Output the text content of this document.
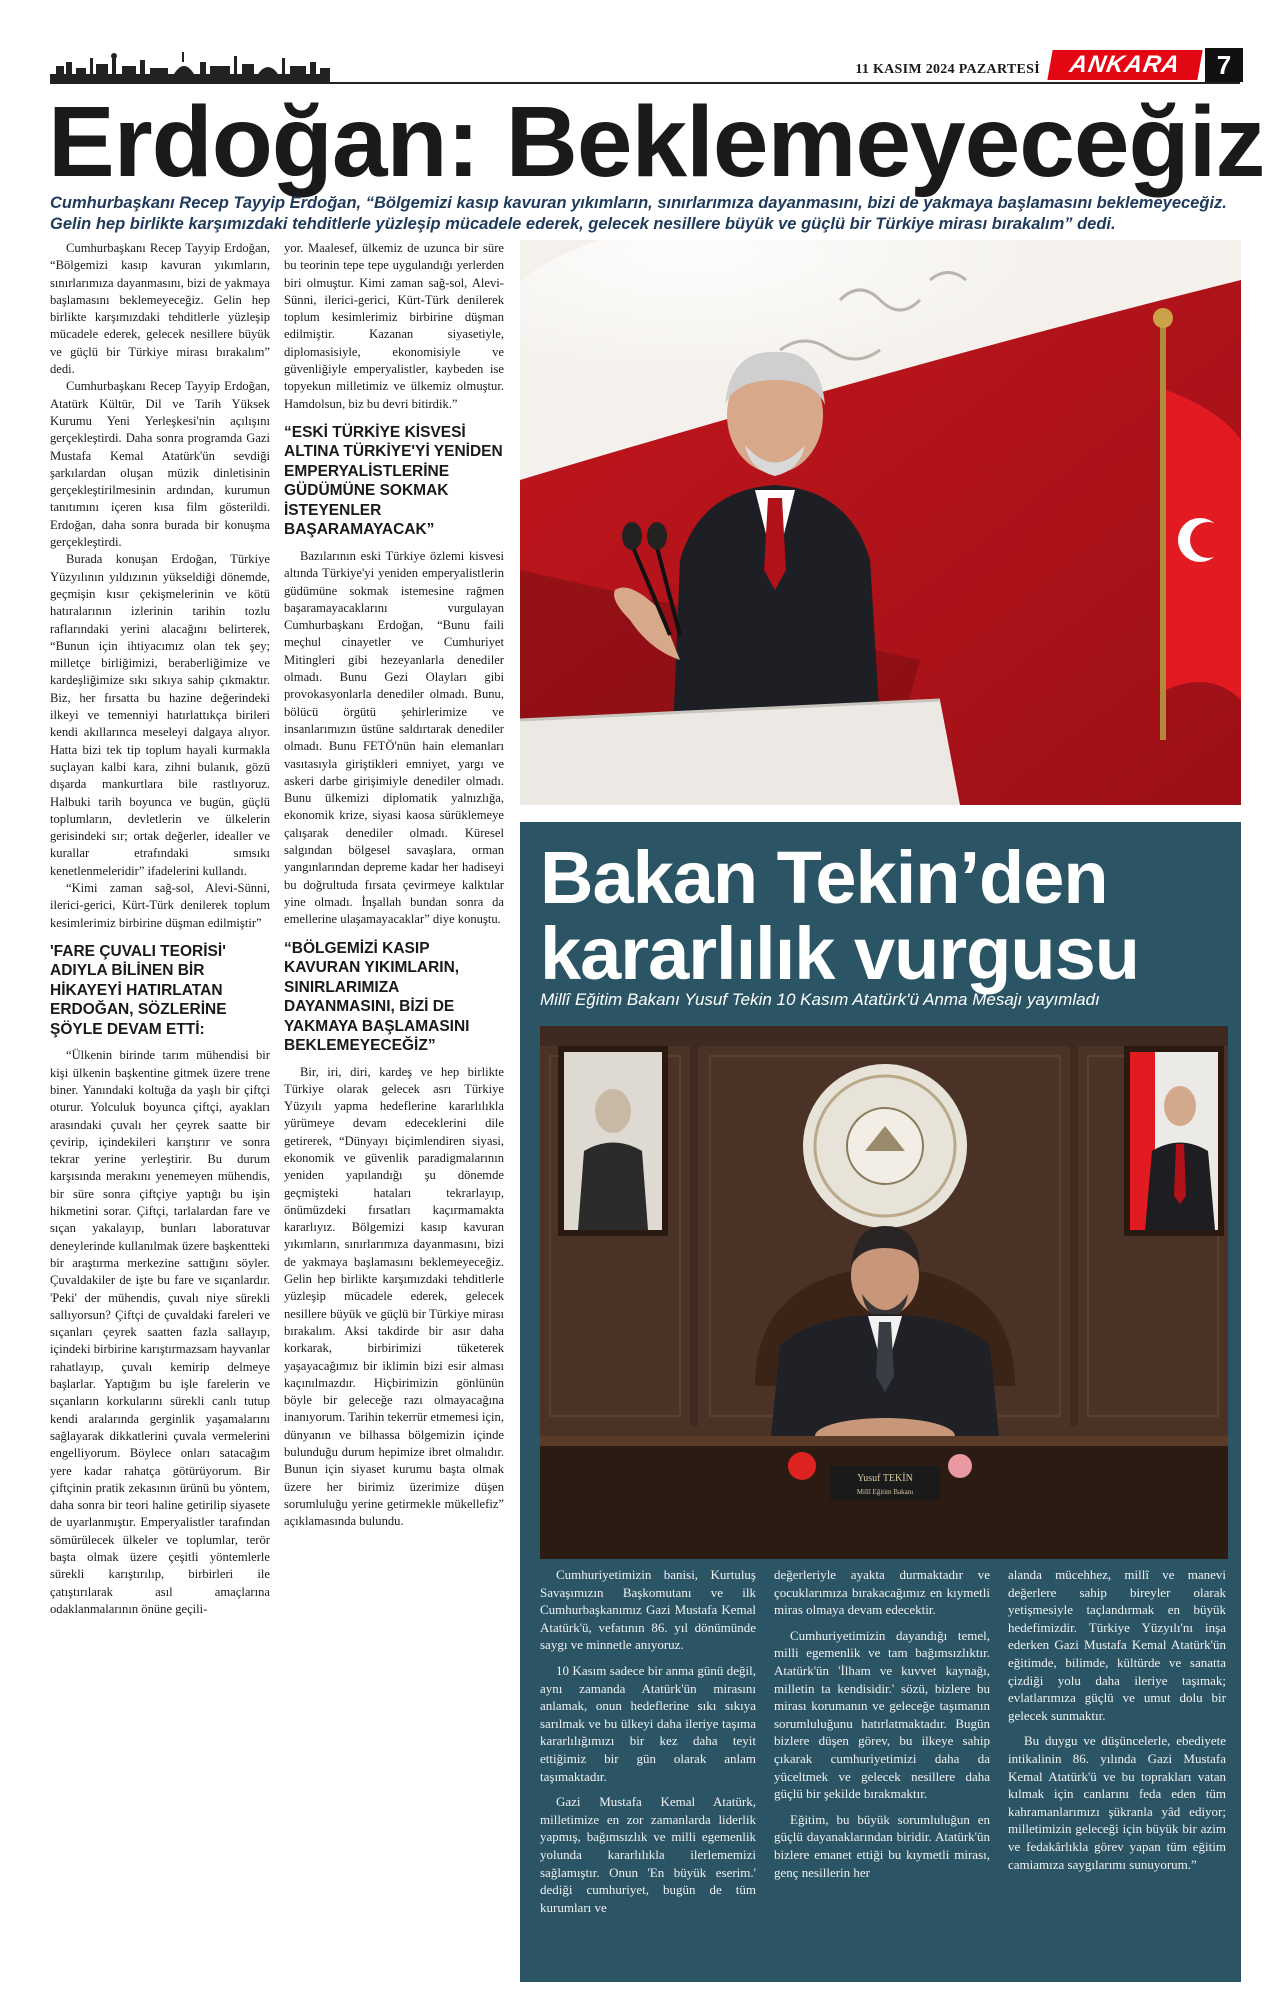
11 KASIM 2024 PAZARTESİ ANKARA	7
Erdoğan: Beklemeyeceğiz
Cumhurbaşkanı Recep Tayyip Erdoğan, “Bölgemizi kasıp kavuran yıkımların, sınırlarımıza dayanmasını, bizi de yakmaya başlamasını beklemeyeceğiz. Gelin hep birlikte karşımızdaki tehditlerle yüzleşip mücadele ederek, gelecek nesillere büyük ve güçlü bir Türkiye mirası bırakalım” dedi.

Cumhurbaşkanı Recep Tayyip Erdoğan, “Bölgemizi kasıp kavuran yıkımların, sınırlarımıza dayanmasını, bizi de yakmaya başlamasını beklemeyeceğiz. Gelin hep birlikte karşımızdaki tehditlerle yüzleşip mücadele ederek, gelecek nesillere büyük ve güçlü bir Türkiye mirası bırakalım” dedi.

Cumhurbaşkanı Recep Tayyip Erdoğan, Atatürk Kültür, Dil ve Tarih Yüksek Kurumu Yeni Yerleşkesi'nin açılışını gerçekleştirdi. Daha sonra programda Gazi Mustafa Kemal Atatürk'ün sevdiği şarkılardan oluşan müzik dinletisinin gerçekleştirilmesinin ardından, kurumun tanıtımını içeren kısa film gösterildi. Erdoğan, daha sonra burada bir konuşma gerçekleştirdi.

Burada konuşan Erdoğan, Türkiye Yüzyılının yıldızının yükseldiği dönemde, geçmişin kısır çekişmelerinin ve kötü hatıralarının izlerinin tarihin tozlu raflarındaki yerini alacağını belirterek, “Bunun için ihtiyacımız olan tek şey; milletçe birliğimizi, beraberliğimize ve kardeşliğimize sıkı sıkıya sahip çıkmaktır. Biz, her fırsatta bu hazine değerindeki ilkeyi ve temenniyi hatırlattıkça birileri kendi akıllarınca meseleyi dalgaya alıyor. Hatta bizi tek tip toplum hayali kurmakla suçlayan kalbi kara, zihni bulanık, gözü dışarda mankurtlara bile rastlıyoruz. Halbuki tarih boyunca ve bugün, güçlü toplumların, devletlerin ve ülkelerin gerisindeki sır; ortak değerler, idealler ve kurallar etrafındaki sımsıkı kenetlenmeleridir” ifadelerini kullandı.

“Kimi zaman sağ-sol, Alevi-Sünni, ilerici-gerici, Kürt-Türk denilerek toplum kesimlerimiz birbirine düşman edilmiştir”

'FARE ÇUVALI TEORİSİ' ADIYLA BİLİNEN BİR HİKAYEYİ HATIRLATAN ERDOĞAN, SÖZLERİNE ŞÖYLE DEVAM ETTİ:

“Ülkenin birinde tarım mühendisi bir kişi ülkenin başkentine gitmek üzere trene biner. Yanındaki koltuğa da yaşlı bir çiftçi oturur. Yolculuk boyunca çiftçi, ayakları arasındaki çuvalı her çeyrek saatte bir çevirip, içindekileri karıştırır ve sonra tekrar yerine yerleştirir. Bu durum karşısında merakını yenemeyen mühendis, bir süre sonra çiftçiye yaptığı bu işin hikmetini sorar. Çiftçi, tarlalardan fare ve sıçan yakalayıp, bunları laboratuvar deneylerinde kullanılmak üzere başkentteki bir araştırma merkezine sattığını söyler. Çuvaldakiler de işte bu fare ve sıçanlardır. 'Peki' der mühendis, çuvalı niye sürekli sallıyorsun? Çiftçi de çuvaldaki fareleri ve sıçanları çeyrek saatten fazla sallayıp, içindeki birbirine karıştırmazsam hayvanlar rahatlayıp, çuvalı kemirip delmeye başlarlar. Yaptığım bu işle farelerin ve sıçanların korkularını sürekli canlı tutup kendi aralarında gerginlik yaşamalarını sağlayarak dikkatlerini çuvala vermelerini engelliyorum. Böylece onları satacağım yere kadar rahatça götürüyorum. Bir çiftçinin pratik zekasının ürünü bu yöntem, daha sonra bir teori haline getirilip siyasete de uyarlanmıştır. Emperyalistler tarafından sömürülecek ülkeler ve toplumlar, terör başta olmak üzere çeşitli yöntemlerle sürekli karıştırılıp, birbirleri ile çatıştırılarak asıl amaçlarına odaklanmalarının önüne geçili-

yor. Maalesef, ülkemiz de uzunca bir süre bu teorinin tepe tepe uygulandığı yerlerden biri olmuştur. Kimi zaman sağ-sol, Alevi-Sünni, ilerici-gerici, Kürt-Türk denilerek toplum kesimlerimiz birbirine düşman edilmiştir. Kazanan siyasetiyle, diplomasisiyle, ekonomisiyle ve güvenliğiyle emperyalistler, kaybeden ise topyekun milletimiz ve ülkemiz olmuştur. Hamdolsun, biz bu devri bitirdik.”

“ESKİ TÜRKİYE KİSVESİ ALTINA TÜRKİYE'Yİ YENİDEN EMPERYALİSTLERİNE GÜDÜMÜNE SOKMAK İSTEYENLER BAŞARAMAYACAK”

Bazılarının eski Türkiye özlemi kisvesi altında Türkiye'yi yeniden emperyalistlerin güdümüne sokmak istemesine rağmen başaramayacaklarını vurgulayan Cumhurbaşkanı Erdoğan, “Bunu faili meçhul cinayetler ve Cumhuriyet Mitingleri gibi hezeyanlarla denediler olmadı. Bunu Gezi Olayları gibi provokasyonlarla denediler olmadı. Bunu, bölücü örgütü şehirlerimize ve insanlarımızın üstüne saldırtarak denediler olmadı. Bunu FETÖ'nün hain elemanları vasıtasıyla giriştikleri emniyet, yargı ve askeri darbe girişimiyle denediler olmadı. Bunu ülkemizi diplomatik yalnızlığa, ekonomik krize, siyasi kaosa sürüklemeye çalışarak denediler olmadı. Küresel salgından bölgesel savaşlara, orman yangınlarından depreme kadar her hadiseyi bu doğrultuda fırsata çevirmeye kalktılar yine olmadı. İnşallah bundan sonra da emellerine ulaşamayacaklar” diye konuştu.

“BÖLGEMİZİ KASIP KAVURAN YIKIMLARIN, SINIRLARIMIZA DAYANMASINI, BİZİ DE YAKMAYA BAŞLAMASINI BEKLEMEYECEĞİZ”

Bir, iri, diri, kardeş ve hep birlikte Türkiye olarak gelecek asrı Türkiye Yüzyılı yapma hedeflerine kararlılıkla yürümeye devam edeceklerini dile getirerek, “Dünyayı biçimlendiren siyasi, ekonomik ve güvenlik paradigmalarının yeniden yapılandığı şu dönemde geçmişteki hataları tekrarlayıp, önümüzdeki fırsatları kaçırmamakta kararlıyız. Bölgemizi kasıp kavuran yıkımların, sınırlarımıza dayanmasını, bizi de yakmaya başlamasını beklemeyeceğiz. Gelin hep birlikte karşımızdaki tehditlerle yüzleşip mücadele ederek, gelecek nesillere büyük ve güçlü bir Türkiye mirası bırakalım. Aksi takdirde bir asır daha korkarak, birbirimizi tüketerek yaşayacağımız bir iklimin bizi esir alması kaçınılmazdır. Hiçbirimizin gönlünün böyle bir geleceğe razı olmayacağına inanıyorum. Tarihin tekerrür etmemesi için, dünyanın ve bilhassa bölgemizin içinde bulunduğu durum hepimize ibret olmalıdır. Bunun için siyaset kurumu başta olmak üzere her birimiz üzerimize düşen sorumluluğu yerine getirmekle mükellefiz” açıklamasında bulundu.

Bakan Tekin’den
kararlılık vurgusu
Millî Eğitim Bakanı Yusuf Tekin 10 Kasım Atatürk'ü Anma Mesajı yayımladı
Yusuf TEKİN
Millî Eğitim Bakanı

Cumhuriyetimizin banisi, Kurtuluş Savaşımızın Başkomutanı ve ilk Cumhurbaşkanımız Gazi Mustafa Kemal Atatürk'ü, vefatının 86. yıl dönümünde saygı ve minnetle anıyoruz.

10 Kasım sadece bir anma günü değil, aynı zamanda Atatürk'ün mirasını anlamak, onun hedeflerine sıkı sıkıya sarılmak ve bu ülkeyi daha ileriye taşıma kararlılığımızı bir kez daha teyit ettiğimiz bir gün olarak anlam taşımaktadır.

Gazi Mustafa Kemal Atatürk, milletimize en zor zamanlarda liderlik yapmış, bağımsızlık ve milli egemenlik yolunda kararlılıkla ilerlememizi sağlamıştır. Onun 'En büyük eserim.' dediği cumhuriyet, bugün de tüm kurumları ve

değerleriyle ayakta durmaktadır ve çocuklarımıza bırakacağımız en kıymetli miras olmaya devam edecektir.

Cumhuriyetimizin dayandığı temel, milli egemenlik ve tam bağımsızlıktır. Atatürk'ün 'İlham ve kuvvet kaynağı, milletin ta kendisidir.' sözü, bizlere bu mirası korumanın ve geleceğe taşımanın sorumluluğunu hatırlatmaktadır. Bugün bizlere düşen görev, bu ilkeye sahip çıkarak cumhuriyetimizi daha da yüceltmek ve gelecek nesillere daha güçlü bir şekilde bırakmaktır.

Eğitim, bu büyük sorumluluğun en güçlü dayanaklarından biridir. Atatürk'ün bizlere emanet ettiği bu kıymetli mirası, genç nesillerin her

alanda mücehhez, millî ve manevi değerlere sahip bireyler olarak yetişmesiyle taçlandırmak en büyük hedefimizdir. Türkiye Yüzyılı'nı inşa ederken Gazi Mustafa Kemal Atatürk'ün eğitimde, bilimde, kültürde ve sanatta çizdiği yolu daha ileriye taşımak; evlatlarımıza güçlü ve umut dolu bir gelecek sunmaktır.

Bu duygu ve düşüncelerle, ebediyete intikalinin 86. yılında Gazi Mustafa Kemal Atatürk'ü ve bu toprakları vatan kılmak için canlarını feda eden tüm kahramanlarımızı şükranla yâd ediyor; milletimizin geleceği için büyük bir azim ve fedakârlıkla görev yapan tüm eğitim camiamıza saygılarımı sunuyorum.”
